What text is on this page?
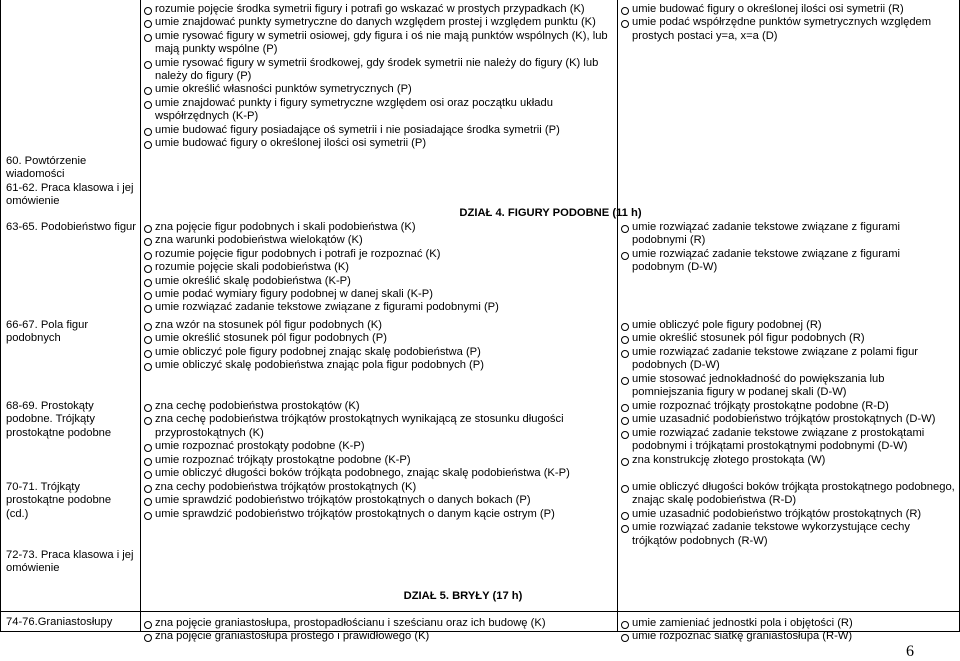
60. Powtórzenie wiadomości
61-62. Praca klasowa i jej omówienie
63-65. Podobieństwo figur
66-67. Pola figur podobnych
68-69. Prostokąty podobne. Trójkąty prostokątne podobne
70-71. Trójkąty prostokątne podobne (cd.)
72-73. Praca klasowa i jej omówienie
74-76.Graniastosłupy
rozumie pojęcie środka symetrii figury i potrafi go wskazać w prostych przypadkach (K)
umie znajdować punkty symetryczne do danych względem prostej i względem punktu (K)
umie rysować figury w symetrii osiowej, gdy figura i oś nie mają punktów wspólnych (K), lub mają punkty wspólne (P)
umie rysować figury w symetrii środkowej, gdy środek symetrii nie należy do figury (K) lub należy do figury (P)
umie określić własności punktów symetrycznych (P)
umie znajdować punkty i figury symetryczne względem osi oraz początku układu współrzędnych (K-P)
umie budować figury posiadające oś symetrii i nie posiadające środka symetrii (P)
umie budować figury o określonej ilości osi symetrii (P)
umie budować figury o określonej ilości osi symetrii (R)
umie podać współrzędne punktów symetrycznych względem prostych postaci y=a, x=a (D)
DZIAŁ 4. FIGURY PODOBNE (11 h)
zna pojęcie figur podobnych i skali podobieństwa (K)
zna warunki podobieństwa wielokątów (K)
rozumie pojęcie figur podobnych i potrafi je rozpoznać (K)
rozumie pojęcie skali podobieństwa (K)
umie określić skalę podobieństwa (K-P)
umie podać wymiary figury podobnej w danej skali (K-P)
umie rozwiązać zadanie tekstowe związane z figurami podobnymi (P)
umie rozwiązać zadanie tekstowe związane z figurami podobnymi (R)
umie rozwiązać zadanie tekstowe związane z figurami podobnym (D-W)
zna wzór na stosunek pól figur podobnych (K)
umie określić stosunek pól figur podobnych (P)
umie obliczyć pole figury podobnej znając skalę podobieństwa (P)
umie obliczyć skalę podobieństwa znając pola figur podobnych (P)
umie obliczyć pole figury podobnej (R)
umie określić stosunek pól figur podobnych (R)
umie rozwiązać zadanie tekstowe związane z polami figur podobnych (D-W)
umie stosować jednokładność do powiększania lub pomniejszania figury w podanej skali (D-W)
zna cechę podobieństwa prostokątów (K)
zna cechę podobieństwa trójkątów prostokątnych wynikającą ze stosunku długości przyprostokątnych (K)
umie rozpoznać prostokąty podobne (K-P)
umie rozpoznać trójkąty prostokątne podobne (K-P)
umie obliczyć długości boków trójkąta podobnego, znając skalę podobieństwa (K-P)
umie rozpoznać trójkąty prostokątne podobne (R-D)
umie uzasadnić podobieństwo trójkątów prostokątnych (D-W)
umie rozwiązać zadanie tekstowe związane z prostokątami podobnymi i trójkątami prostokątnymi podobnymi (D-W)
zna konstrukcję złotego prostokąta (W)
zna cechy podobieństwa trójkątów prostokątnych (K)
umie sprawdzić podobieństwo trójkątów prostokątnych o danych bokach (P)
umie sprawdzić podobieństwo trójkątów prostokątnych o danym kącie ostrym (P)
umie obliczyć długości boków trójkąta prostokątnego podobnego, znając skalę podobieństwa (R-D)
umie uzasadnić podobieństwo trójkątów prostokątnych (R)
umie rozwiązać zadanie tekstowe wykorzystujące cechy trójkątów podobnych (R-W)
DZIAŁ 5. BRYŁY (17 h)
zna pojęcie graniastosłupa, prostopadłościanu i sześcianu oraz ich budowę (K)
zna pojęcie graniastosłupa prostego i prawidłowego (K)
umie zamieniać jednostki pola i objętości (R)
umie rozpoznać siatkę graniastosłupa (R-W)
6
